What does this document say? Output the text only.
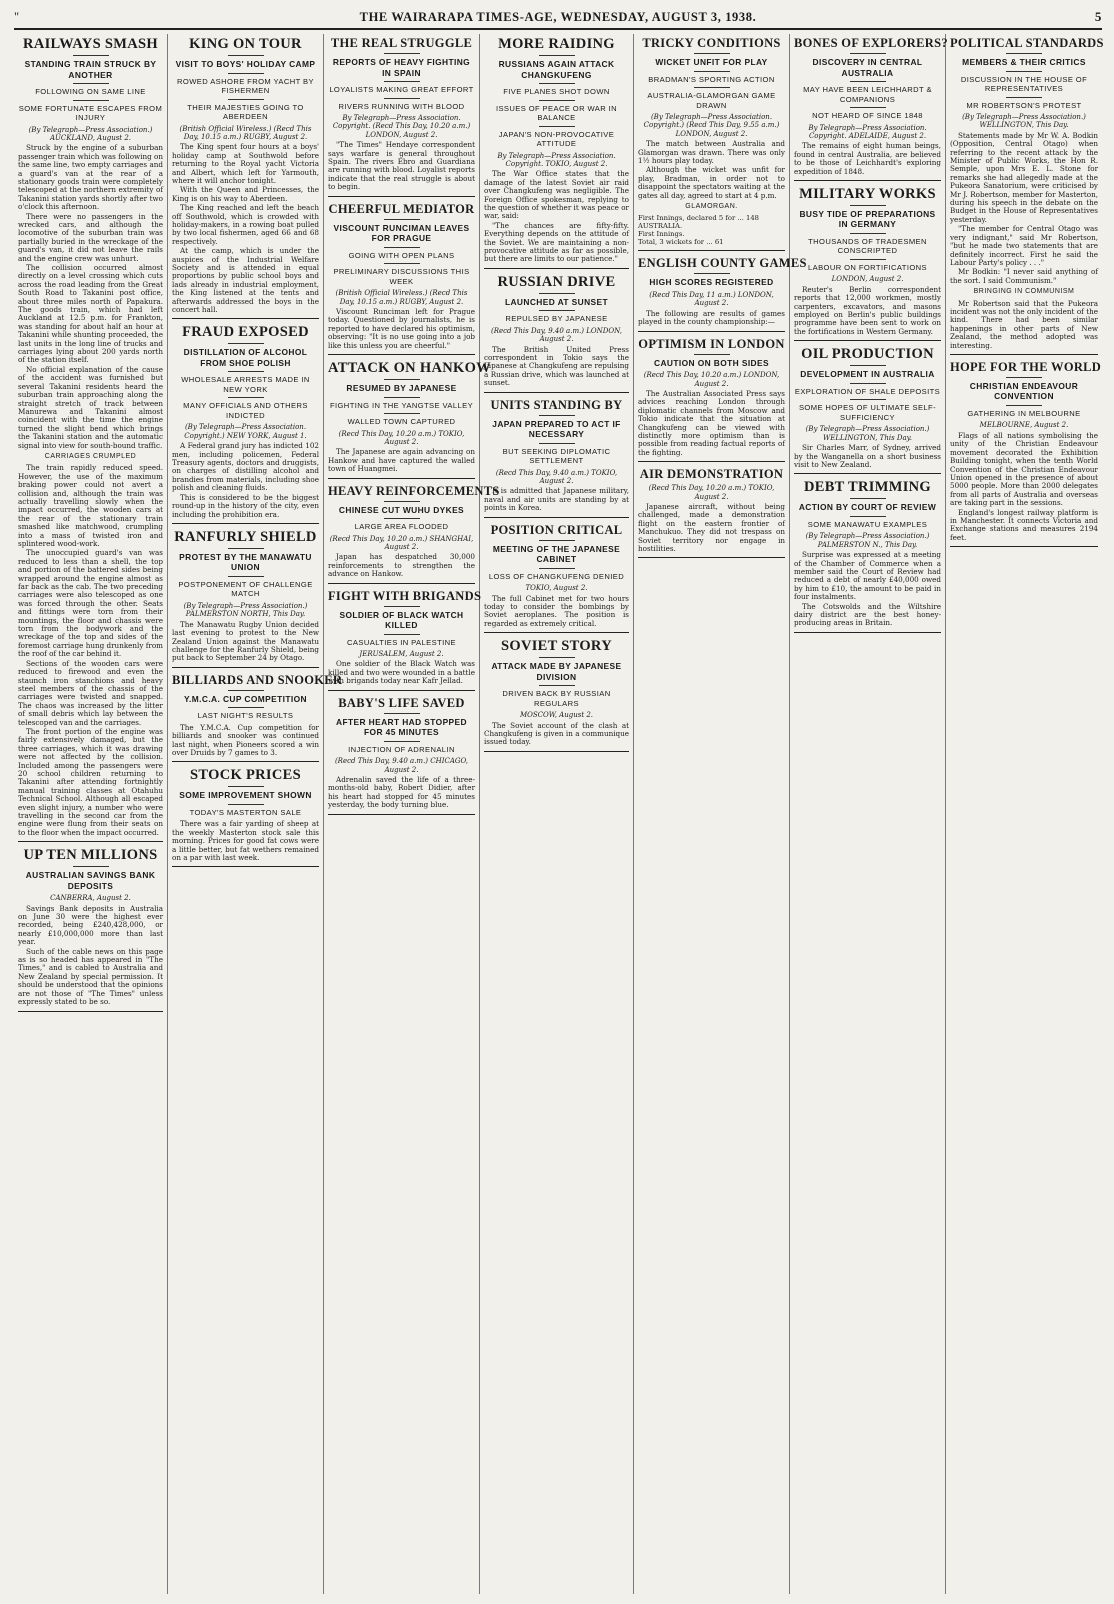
"	THE WAIRARAPA TIMES-AGE, WEDNESDAY, AUGUST 3, 1938.	5
RAILWAYS SMASH
STANDING TRAIN STRUCK BY ANOTHER
FOLLOWING ON SAME LINE
SOME FORTUNATE ESCAPES FROM INJURY
(By Telegraph—Press Association.) AUCKLAND, August 2.

Struck by the engine of a suburban passenger train which was following on the same line, two empty carriages and a guard's van at the rear of a stationary goods train were completely telescoped at the northern extremity of Takanini station yards shortly after two o'clock this afternoon.

There were no passengers in the wrecked cars, and although the locomotive of the suburban train was partially buried in the wreckage of the guard's van, it did not leave the rails and the engine crew was unhurt.

The collision occurred almost directly on a level crossing which cuts across the road leading from the Great South Road to Takanini post office, about three miles north of Papakura. The goods train, which had left Auckland at 12.5 p.m. for Frankton, was standing for about half an hour at Takanini while shunting proceeded, the last units in the long line of trucks and carriages lying about 200 yards north of the station itself.

No official explanation of the cause of the accident was furnished but several Takanini residents heard the suburban train approaching along the straight stretch of track between Manurewa and Takanini almost coincident with the time the engine turned the slight bend which brings the Takanini station and the automatic signal into view for south-bound traffic.

CARRIAGES CRUMPLED

The train rapidly reduced speed. However, the use of the maximum braking power could not avert a collision and, although the train was actually travelling slowly when the impact occurred, the wooden cars at the rear of the stationary train smashed like matchwood, crumpling into a mass of twisted iron and splintered wood-work.

The unoccupied guard's van was reduced to less than a shell, the top and portion of the battered sides being wrapped around the engine almost as far back as the cab. The two preceding carriages were also telescoped as one was forced through the other. Seats and fittings were torn from their mountings, the floor and chassis were torn from the bodywork and the wreckage of the top and sides of the foremost carriage hung drunkenly from the roof of the car behind it.

Sections of the wooden cars were reduced to firewood and even the staunch iron stanchions and heavy steel members of the chassis of the carriages were twisted and snapped. The chaos was increased by the litter of small debris which lay between the telescoped van and the carriages.

The front portion of the engine was fairly extensively damaged, but the three carriages, which it was drawing were not affected by the collision. Included among the passengers were 20 school children returning to Takanini after attending fortnightly manual training classes at Otahuhu Technical School. Although all escaped even slight injury, a number who were travelling in the second car from the engine were flung from their seats on to the floor when the impact occurred.

UP TEN MILLIONS
AUSTRALIAN SAVINGS BANK DEPOSITS
CANBERRA, August 2.

Savings Bank deposits in Australia on June 30 were the highest ever recorded, being £240,428,000, or nearly £10,000,000 more than last year.

Such of the cable news on this page as is so headed has appeared in "The Times," and is cabled to Australia and New Zealand by special permission. It should be understood that the opinions are not those of "The Times" unless expressly stated to be so.

KING ON TOUR
VISIT TO BOYS' HOLIDAY CAMP
ROWED ASHORE FROM YACHT BY FISHERMEN
THEIR MAJESTIES GOING TO ABERDEEN
(British Official Wireless.) (Recd This Day, 10.15 a.m.) RUGBY, August 2.

The King spent four hours at a boys' holiday camp at Southwold before returning to the Royal yacht Victoria and Albert, which left for Yarmouth, where it will anchor tonight.

With the Queen and Princesses, the King is on his way to Aberdeen.

The King reached and left the beach off Southwold, which is crowded with holiday-makers, in a rowing boat pulled by two local fishermen, aged 66 and 68 respectively.

At the camp, which is under the auspices of the Industrial Welfare Society and is attended in equal proportions by public school boys and lads already in industrial employment, the King listened at the tents and afterwards addressed the boys in the concert hall.

FRAUD EXPOSED
DISTILLATION OF ALCOHOL FROM SHOE POLISH
WHOLESALE ARRESTS MADE IN NEW YORK
MANY OFFICIALS AND OTHERS INDICTED
(By Telegraph—Press Association. Copyright.) NEW YORK, August 1.

A Federal grand jury has indicted 102 men, including policemen, Federal Treasury agents, doctors and druggists, on charges of distilling alcohol and brandies from materials, including shoe polish and cleaning fluids.

This is considered to be the biggest round-up in the history of the city, even including the prohibition era.

RANFURLY SHIELD
PROTEST BY THE MANAWATU UNION
POSTPONEMENT OF CHALLENGE MATCH
(By Telegraph—Press Association.) PALMERSTON NORTH, This Day.

The Manawatu Rugby Union decided last evening to protest to the New Zealand Union against the Manawatu challenge for the Ranfurly Shield, being put back to September 24 by Otago.

BILLIARDS AND SNOOKER
Y.M.C.A. CUP COMPETITION
LAST NIGHT'S RESULTS

The Y.M.C.A. Cup competition for billiards and snooker was continued last night, when Pioneers scored a win over Druids by 7 games to 3.

STOCK PRICES
SOME IMPROVEMENT SHOWN
TODAY'S MASTERTON SALE

There was a fair yarding of sheep at the weekly Masterton stock sale this morning. Prices for good fat cows were a little better, but fat wethers remained on a par with last week.

THE REAL STRUGGLE
REPORTS OF HEAVY FIGHTING IN SPAIN
LOYALISTS MAKING GREAT EFFORT
RIVERS RUNNING WITH BLOOD
By Telegraph—Press Association. Copyright. (Recd This Day, 10.20 a.m.) LONDON, August 2.

"The Times" Hendaye correspondent says warfare is general throughout Spain. The rivers Ebro and Guardiana are running with blood. Loyalist reports indicate that the real struggle is about to begin.

CHEERFUL MEDIATOR
VISCOUNT RUNCIMAN LEAVES FOR PRAGUE
GOING WITH OPEN PLANS
PRELIMINARY DISCUSSIONS THIS WEEK
(British Official Wireless.) (Recd This Day, 10.15 a.m.) RUGBY, August 2.

Viscount Runciman left for Prague today. Questioned by journalists, he is reported to have declared his optimism, observing: "It is no use going into a job like this unless you are cheerful."

ATTACK ON HANKOW
RESUMED BY JAPANESE
FIGHTING IN THE YANGTSE VALLEY
WALLED TOWN CAPTURED
(Recd This Day, 10.20 a.m.) TOKIO, August 2.

The Japanese are again advancing on Hankow and have captured the walled town of Huangmei.

HEAVY REINFORCEMENTS
CHINESE CUT WUHU DYKES
LARGE AREA FLOODED
(Recd This Day, 10.20 a.m.) SHANGHAI, August 2.

Japan has despatched 30,000 reinforcements to strengthen the advance on Hankow.

FIGHT WITH BRIGANDS
SOLDIER OF BLACK WATCH KILLED
CASUALTIES IN PALESTINE
JERUSALEM, August 2.

One soldier of the Black Watch was killed and two were wounded in a battle with brigands today near Kafr Jellad.

BABY'S LIFE SAVED
AFTER HEART HAD STOPPED FOR 45 MINUTES
INJECTION OF ADRENALIN
(Recd This Day, 9.40 a.m.) CHICAGO, August 2.

Adrenalin saved the life of a three-months-old baby, Robert Didier, after his heart had stopped for 45 minutes yesterday, the body turning blue.

MORE RAIDING
RUSSIANS AGAIN ATTACK CHANGKUFENG
FIVE PLANES SHOT DOWN
ISSUES OF PEACE OR WAR IN BALANCE
JAPAN'S NON-PROVOCATIVE ATTITUDE
By Telegraph—Press Association. Copyright. TOKIO, August 2.

The War Office states that the damage of the latest Soviet air raid over Changkufeng was negligible. The Foreign Office spokesman, replying to the question of whether it was peace or war, said:

"The chances are fifty-fifty. Everything depends on the attitude of the Soviet. We are maintaining a non-provocative attitude as far as possible, but there are limits to our patience."

RUSSIAN DRIVE
LAUNCHED AT SUNSET
REPULSED BY JAPANESE
(Recd This Day, 9.40 a.m.) LONDON, August 2.

The British United Press correspondent in Tokio says the Japanese at Changkufeng are repulsing a Russian drive, which was launched at sunset.

UNITS STANDING BY
JAPAN PREPARED TO ACT IF NECESSARY
BUT SEEKING DIPLOMATIC SETTLEMENT
(Recd This Day, 9.40 a.m.) TOKIO, August 2.

It is admitted that Japanese military, naval and air units are standing by at points in Korea.

POSITION CRITICAL
MEETING OF THE JAPANESE CABINET
LOSS OF CHANGKUFENG DENIED
TOKIO, August 2.

The full Cabinet met for two hours today to consider the bombings by Soviet aeroplanes. The position is regarded as extremely critical.

SOVIET STORY
ATTACK MADE BY JAPANESE DIVISION
DRIVEN BACK BY RUSSIAN REGULARS
MOSCOW, August 2.

The Soviet account of the clash at Changkufeng is given in a communique issued today.

TRICKY CONDITIONS
WICKET UNFIT FOR PLAY
BRADMAN'S SPORTING ACTION
AUSTRALIA-GLAMORGAN GAME DRAWN
(By Telegraph—Press Association. Copyright.) (Recd This Day, 9.55 a.m.) LONDON, August 2.

The match between Australia and Glamorgan was drawn. There was only 1½ hours play today.

Although the wicket was unfit for play, Bradman, in order not to disappoint the spectators waiting at the gates all day, agreed to start at 4 p.m.

GLAMORGAN.
First Innings, declared 5 for ... 148
AUSTRALIA.
First Innings.
Total, 3 wickets for ... 61
ENGLISH COUNTY GAMES
HIGH SCORES REGISTERED
(Recd This Day, 11 a.m.) LONDON, August 2.

The following are results of games played in the county championship:—

OPTIMISM IN LONDON
CAUTION ON BOTH SIDES
(Recd This Day, 10.20 a.m.) LONDON, August 2.

The Australian Associated Press says advices reaching London through diplomatic channels from Moscow and Tokio indicate that the situation at Changkufeng can be viewed with distinctly more optimism than is possible from reading factual reports of the fighting.

AIR DEMONSTRATION
(Recd This Day, 10.20 a.m.) TOKIO, August 2.

Japanese aircraft, without being challenged, made a demonstration flight on the eastern frontier of Manchukuo. They did not trespass on Soviet territory nor engage in hostilities.

BONES OF EXPLORERS?
DISCOVERY IN CENTRAL AUSTRALIA
MAY HAVE BEEN LEICHHARDT & COMPANIONS
NOT HEARD OF SINCE 1848
By Telegraph—Press Association. Copyright. ADELAIDE, August 2.

The remains of eight human beings, found in central Australia, are believed to be those of Leichhardt's exploring expedition of 1848.

MILITARY WORKS
BUSY TIDE OF PREPARATIONS IN GERMANY
THOUSANDS OF TRADESMEN CONSCRIPTED
LABOUR ON FORTIFICATIONS
LONDON, August 2.

Reuter's Berlin correspondent reports that 12,000 workmen, mostly carpenters, excavators, and masons employed on Berlin's public buildings programme have been sent to work on the fortifications in Western Germany.

OIL PRODUCTION
DEVELOPMENT IN AUSTRALIA
EXPLORATION OF SHALE DEPOSITS
SOME HOPES OF ULTIMATE SELF-SUFFICIENCY
(By Telegraph—Press Association.) WELLINGTON, This Day.

Sir Charles Marr, of Sydney, arrived by the Wanganella on a short business visit to New Zealand.

DEBT TRIMMING
ACTION BY COURT OF REVIEW
SOME MANAWATU EXAMPLES
(By Telegraph—Press Association.) PALMERSTON N., This Day.

Surprise was expressed at a meeting of the Chamber of Commerce when a member said the Court of Review had reduced a debt of nearly £40,000 owed by him to £10, the amount to be paid in four instalments.

The Cotswolds and the Wiltshire dairy district are the best honey-producing areas in Britain.

POLITICAL STANDARDS
MEMBERS & THEIR CRITICS
DISCUSSION IN THE HOUSE OF REPRESENTATIVES
MR ROBERTSON'S PROTEST
(By Telegraph—Press Association.) WELLINGTON, This Day.

Statements made by Mr W. A. Bodkin (Opposition, Central Otago) when referring to the recent attack by the Minister of Public Works, the Hon R. Semple, upon Mrs E. L. Stone for remarks she had allegedly made at the Pukeora Sanatorium, were criticised by Mr J. Robertson, member for Masterton, during his speech in the debate on the Budget in the House of Representatives yesterday.

"The member for Central Otago was very indignant," said Mr Robertson, "but he made two statements that are definitely incorrect. First he said the Labour Party's policy . . ."

Mr Bodkin: "I never said anything of the sort. I said Communism."

BRINGING IN COMMUNISM

Mr Robertson said that the Pukeora incident was not the only incident of the kind. There had been similar happenings in other parts of New Zealand, the method adopted was interesting.

HOPE FOR THE WORLD
CHRISTIAN ENDEAVOUR CONVENTION
GATHERING IN MELBOURNE
MELBOURNE, August 2.

Flags of all nations symbolising the unity of the Christian Endeavour movement decorated the Exhibition Building tonight, when the tenth World Convention of the Christian Endeavour Union opened in the presence of about 5000 people. More than 2000 delegates from all parts of Australia and overseas are taking part in the sessions.

England's longest railway platform is in Manchester. It connects Victoria and Exchange stations and measures 2194 feet.
